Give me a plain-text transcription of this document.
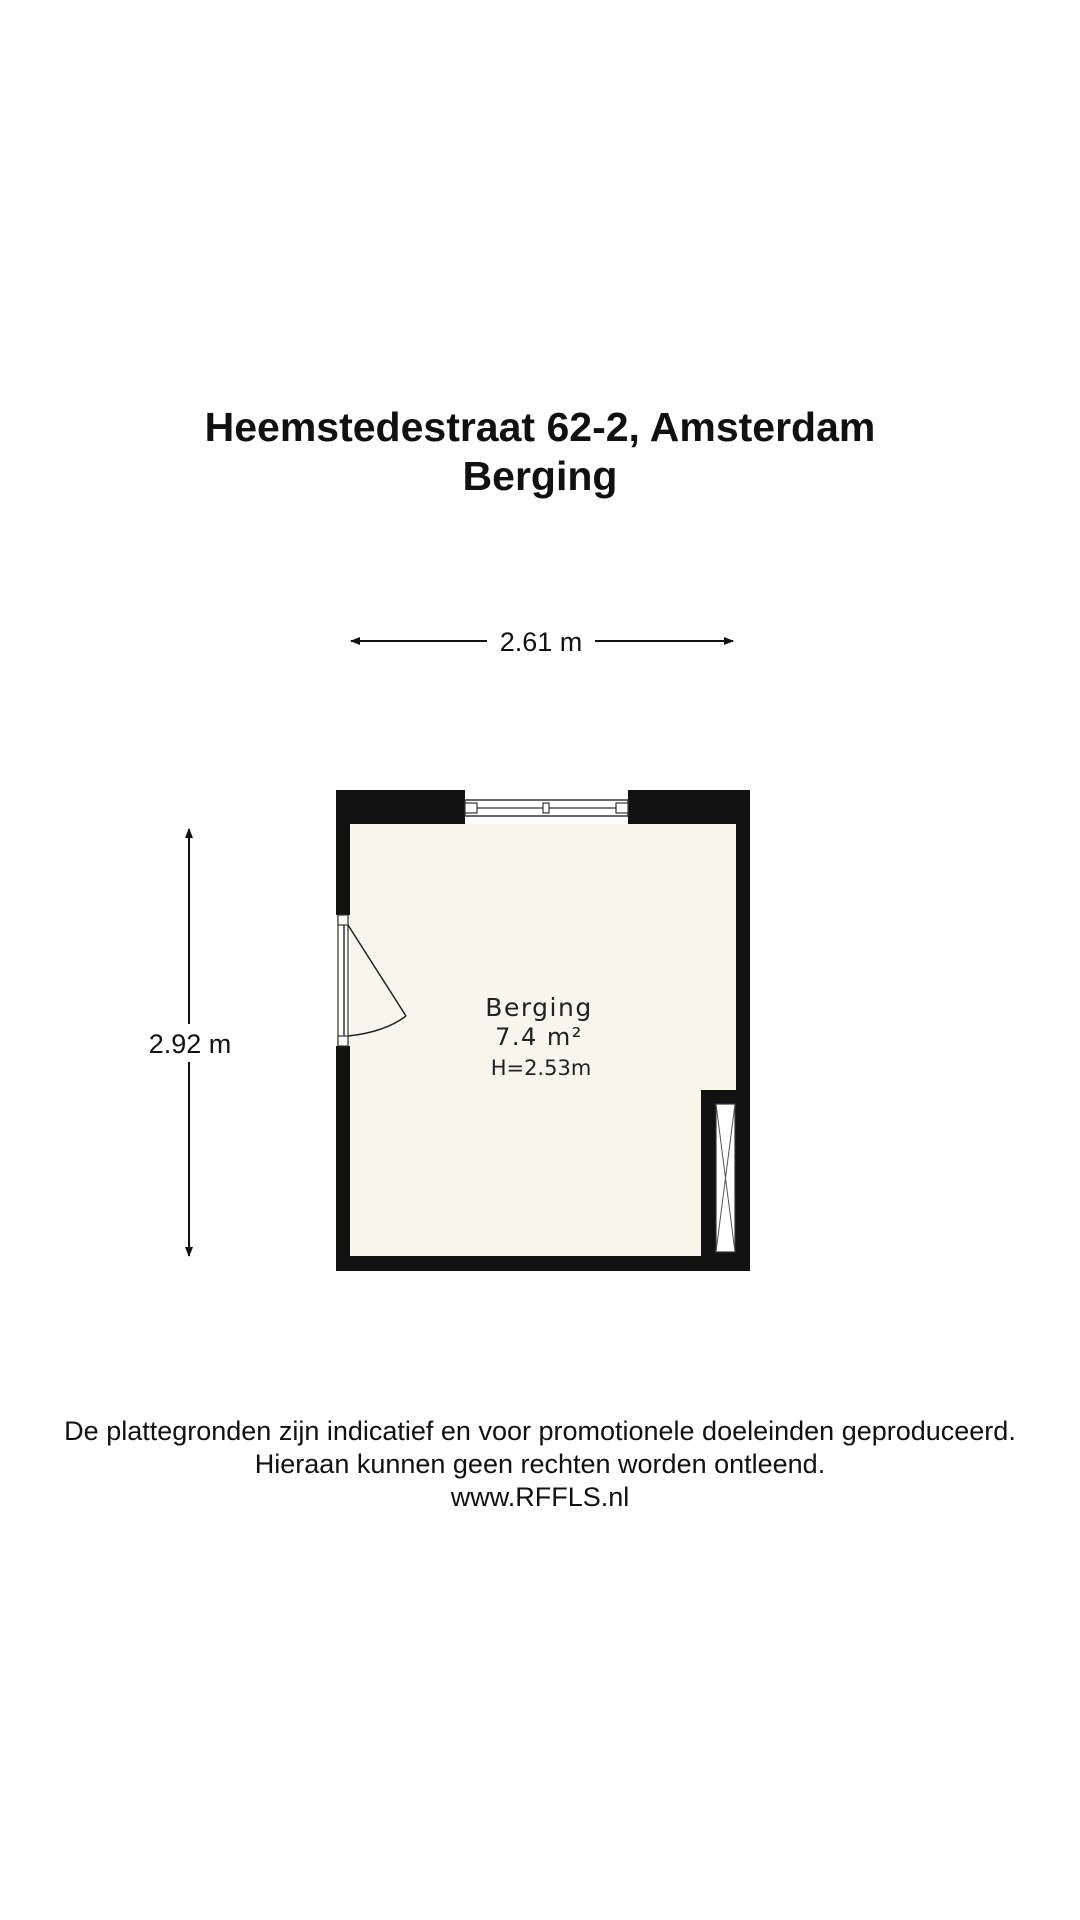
Heemstedestraat 62-2, Amsterdam
Berging
2.61 m
2.92 m
Berging
7.4 m²
H=2.53m
De plattegronden zijn indicatief en voor promotionele doeleinden geproduceerd.
Hieraan kunnen geen rechten worden ontleend.
www.RFFLS.nl
